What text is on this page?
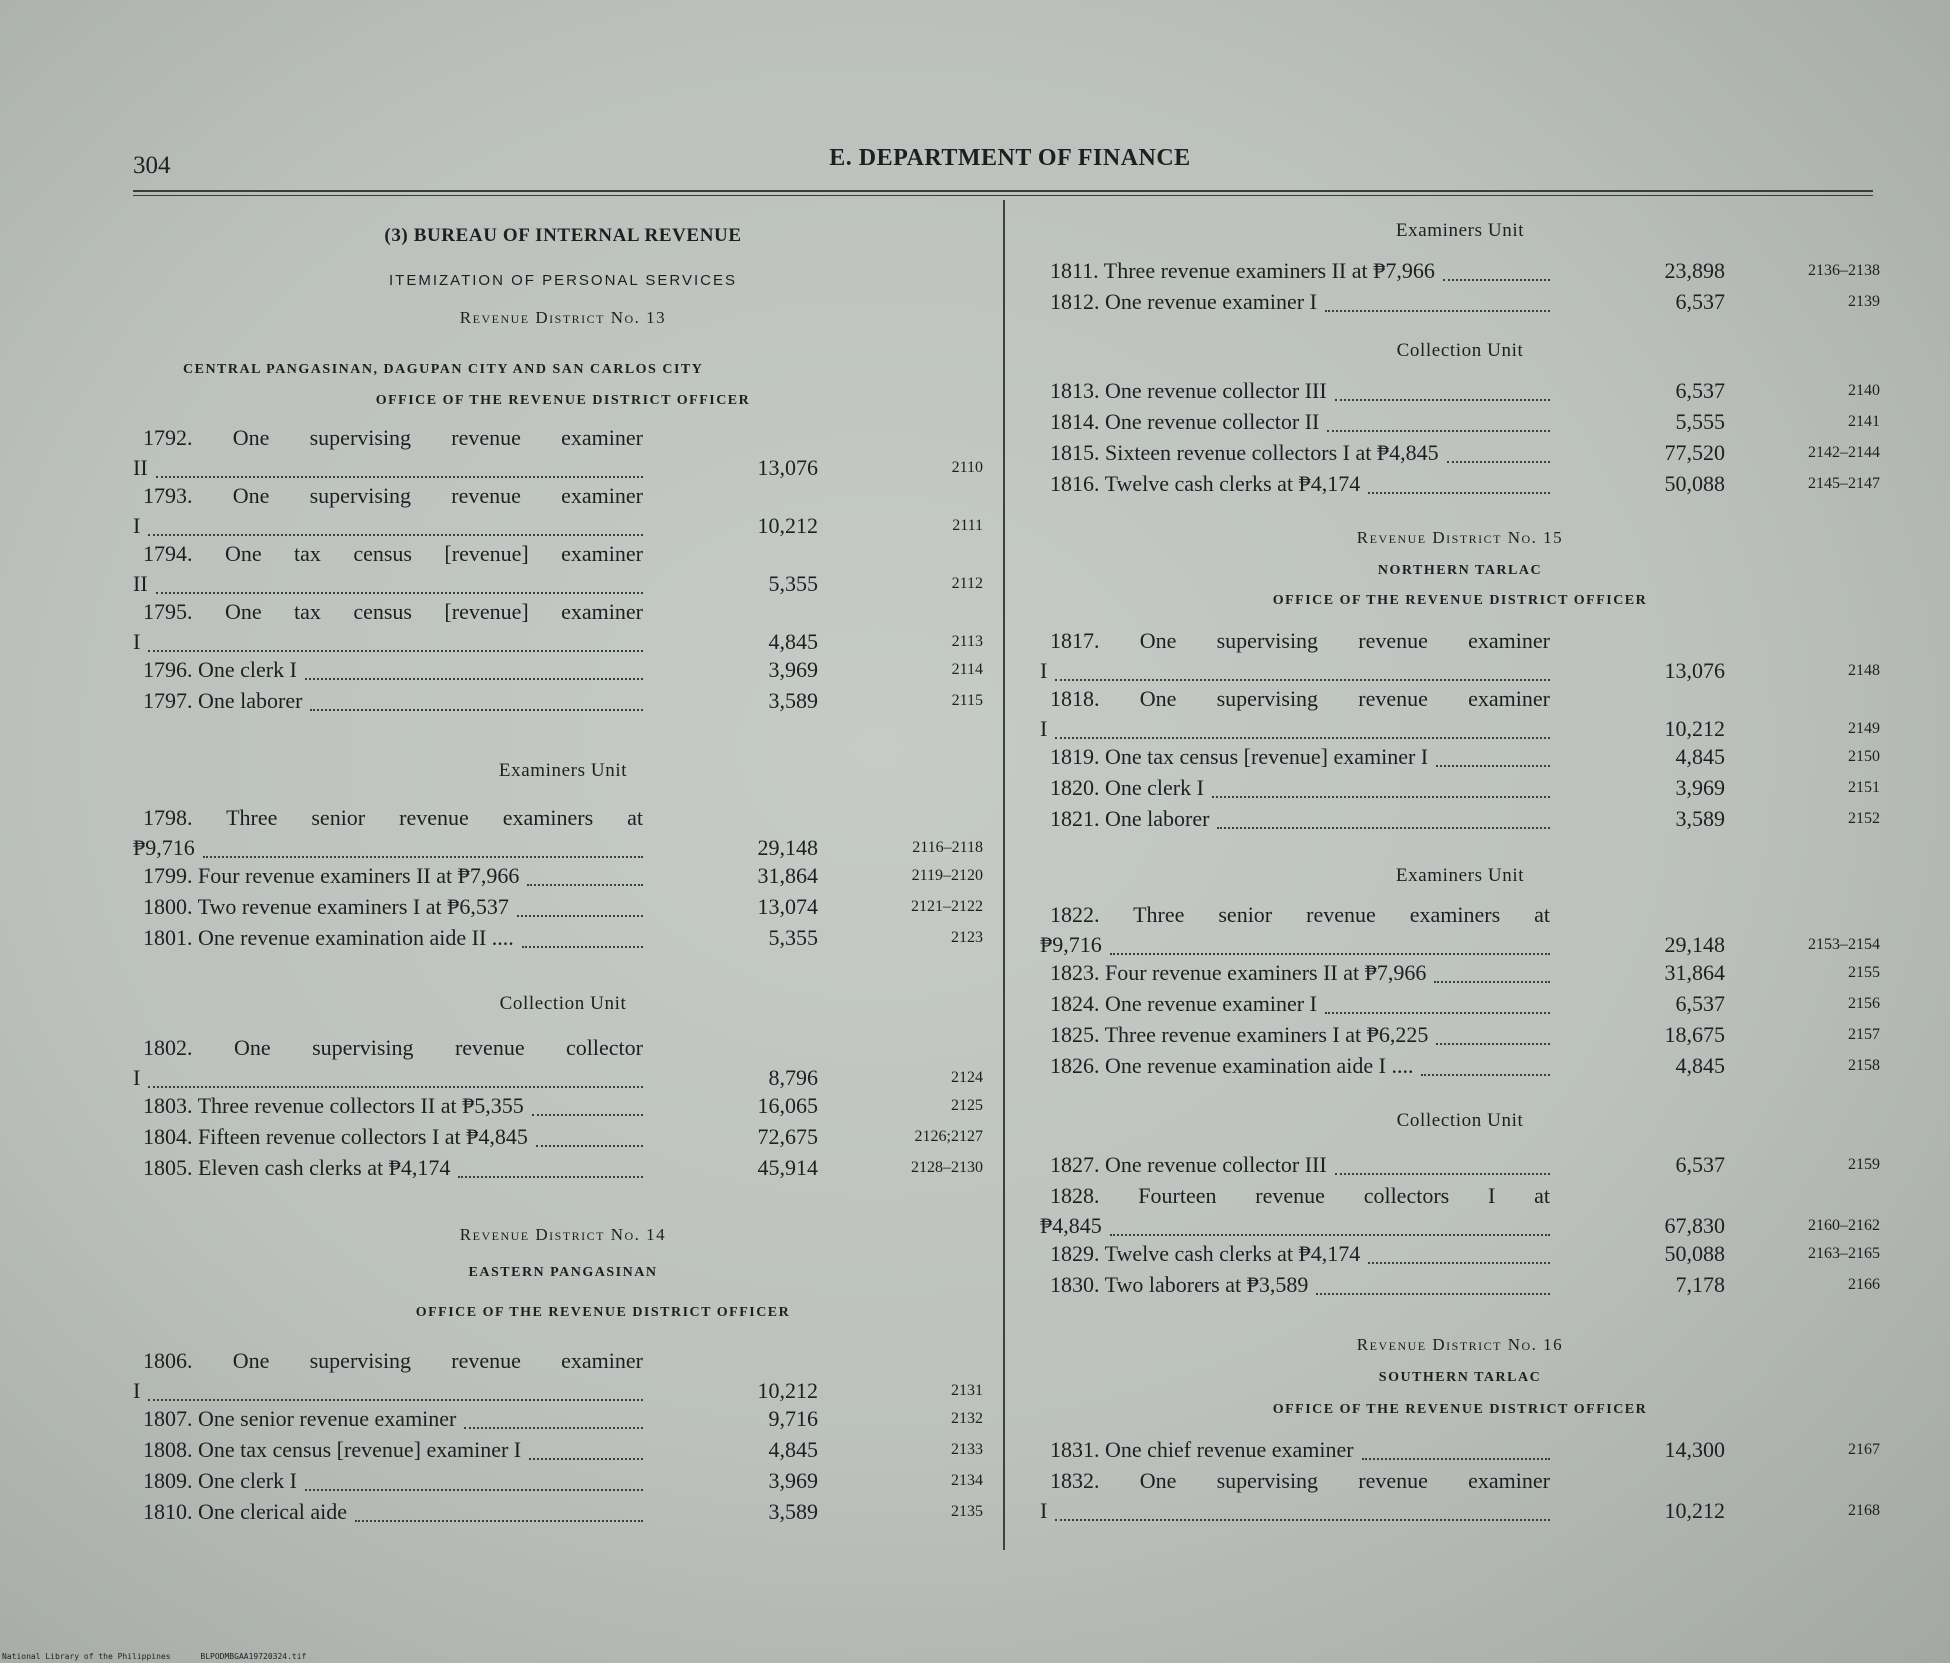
304	E. DEPARTMENT OF FINANCE
(3) BUREAU OF INTERNAL REVENUE
ITEMIZATION OF PERSONAL SERVICES
Revenue District No. 13
CENTRAL PANGASINAN, DAGUPAN CITY AND SAN CARLOS CITY
OFFICE OF THE REVENUE DISTRICT OFFICER
Examiners Unit
Collection Unit
Revenue District No. 14
EASTERN PANGASINAN
OFFICE OF THE REVENUE DISTRICT OFFICER
1792. One supervising revenue examiner
II	13,076	2110
1793. One supervising revenue examiner
I	10,212	2111
1794. One tax census [revenue] examiner
II	5,355	2112
1795. One tax census [revenue] examiner
I	4,845	2113
1796. One clerk I	3,969	2114
1797. One laborer	3,589	2115
1798. Three senior revenue examiners at
₱9,716	29,148	2116–2118
1799. Four revenue examiners II at ₱7,966	31,864	2119–2120
1800. Two revenue examiners I at ₱6,537	13,074	2121–2122
1801. One revenue examination aide II ....	5,355	2123
1802. One supervising revenue collector
I	8,796	2124
1803. Three revenue collectors II at ₱5,355	16,065	2125
1804. Fifteen revenue collectors I at ₱4,845	72,675	2126;2127
1805. Eleven cash clerks at ₱4,174	45,914	2128–2130
1806. One supervising revenue examiner
I	10,212	2131
1807. One senior revenue examiner	9,716	2132
1808. One tax census [revenue] examiner I	4,845	2133
1809. One clerk I	3,969	2134
1810. One clerical aide	3,589	2135
Examiners Unit
Collection Unit
Revenue District No. 15
NORTHERN TARLAC
OFFICE OF THE REVENUE DISTRICT OFFICER
Examiners Unit
Collection Unit
Revenue District No. 16
SOUTHERN TARLAC
OFFICE OF THE REVENUE DISTRICT OFFICER
1811. Three revenue examiners II at ₱7,966	23,898	2136–2138
1812. One revenue examiner I	6,537	2139
1813. One revenue collector III	6,537	2140
1814. One revenue collector II	5,555	2141
1815. Sixteen revenue collectors I at ₱4,845	77,520	2142–2144
1816. Twelve cash clerks at ₱4,174	50,088	2145–2147
1817. One supervising revenue examiner
I	13,076	2148
1818. One supervising revenue examiner
I	10,212	2149
1819. One tax census [revenue] examiner I	4,845	2150
1820. One clerk I	3,969	2151
1821. One laborer	3,589	2152
1822. Three senior revenue examiners at
₱9,716	29,148	2153–2154
1823. Four revenue examiners II at ₱7,966	31,864	2155
1824. One revenue examiner I	6,537	2156
1825. Three revenue examiners I at ₱6,225	18,675	2157
1826. One revenue examination aide I ....	4,845	2158
1827. One revenue collector III	6,537	2159
1828. Fourteen revenue collectors I at
₱4,845	67,830	2160–2162
1829. Twelve cash clerks at ₱4,174	50,088	2163–2165
1830. Two laborers at ₱3,589	7,178	2166
1831. One chief revenue examiner	14,300	2167
1832. One supervising revenue examiner
I	10,212	2168
National Library of the Philippines	BLPODMBGAA19720324.tif
